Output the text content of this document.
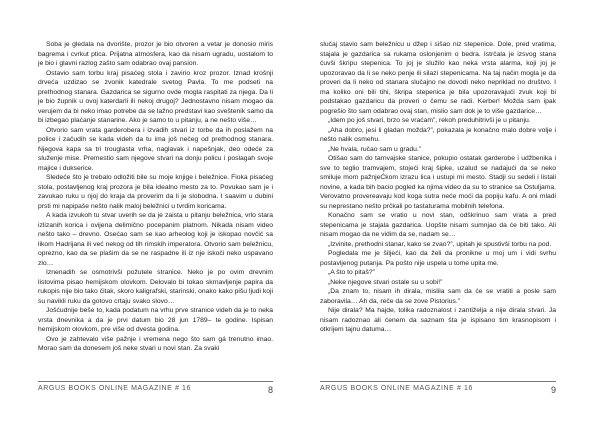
Soba je gledala na dvorište, prozor je bio otvoren a vetar je donosio miris bagrema i cvrkut ptica. Prijatna atmosfera, kao da nisam ugradu, uostalom to je bio i glavni razlog zašto sam odabrao ovaj pansion.

Ostavio sam torbu kraj pisaćeg stola i zavirio kroz prozor. Iznad krošnji drveća uzdizao se zvonik katedrale svetog Pavla. To me podseti na prethodnog stanara. Gazdarica se sigurno ovde mogla raspitati za njega. Da li je bio župnik u ovoj katerdarli ili nekoj drugoj? Jednostavno nisam mogao da verujem da bi neko imao potrebe da se lažno predstavi kao sveštenik samo da bi izbegao plaćanje stanarine. Ako je samo to u pitanju, a ne nešto više…

Otvorio sam vrata garderobera i izvadih stvari iz torbe da ih poslažem na police i začudih se kada videh da tu ima još nečeg od prethodnog stanara. Njegova kapa sa tri trouglasta vrha, naglavak i napešnjak, deo odeće za služenje mise. Premestio sam njegove stvari na donju policu i poslagah svoje majice i dukserice.

Sledeće što je trebalo odložiti bile su moje knjige i beležnice. Fioka pisaćeg stola, postavljenog kraj prozora je bila idealno mesto za to. Povukao sam je i zavukao ruku u njoj do kraja da proverim da li je slobodna. I saavim u dubini prsti mi napipaše nešto nalik maloj beležnici u tvrdim koricama.

A kada izvukoh tu stvar uverih se da je zaista u pitanju beležnica, vrlo stara izlizanih korica i ovijena delimično pocepanim platnom. Nikada nisam video nešto tako – drevno. Osećao sam se kao arheolog koji je iskopao novčić sa likom Hadrijana ili već nekog od tih rimskih imperatora. Otvorio sam beležnicu, oprezno, kao da se plašim da se ne raspadne ili iz nje iskoči neko uspavano zlo…

Iznenadih se osmotrivši požutele stranice. Neko je po ovim drevnim listovima pisao hemijskom olovkom. Delovalo bi tokao skrnavljenje papira da rukopis nije bio tako čitak, skoro kaligrafski, starinski, onako kako pišu ljudi koji su navikli ruku da gotovo crtaju svako slovo…

Jošćudnije beše to, kada podatum na vrhu prve stranice videh da je to neka vrsta dnevnika a da je prvi datum bio 28 jun 1789– te godine. Ispisan hemijskom olovkom, pre više od dvesta godina.

Ovo je zahtevalo više pažnje i vremena nego što sam gá trenutno imao. Morao sam da donesem još neke stvari u novi stan. Za svaki

ARGUS BOOKS ONLINE MAGAZINE # 16	8

slučaj stavio sam beležnicu u džep i sišao niz stepenice. Dole, pred vratima, stajala je gazdarica sa rukama oslonjenim o bedra. Istrčala je izsvog stana čuvši škripu stepenica. To joj je služilo kao neka vrsta alarma, koji joj je upozoravao da li se neko penje ili silazi stepenicama. Na taj način mogla je da proveri da li neko od stanara slučajno ne dovodi neko nepriklad no društvo. I ma koliko oni bili tihi, škripa stepenica je bila upozoravajući zvuk koji bi podstakao gazdaricu da proveri o čemu se radi. Kerber! Možda sam ipak pogrešio što sam odabrao ovaj stan, mislio sam dok je to više gazdarice…

„Idem po još stvari, brzo se vraćam”, rekoh preduhitrivši je u pitanju.

„Aha dobro, jesi li gladan možda?”, pokazala je konačno malo dobre volje i nešto nalik osmehu.

„Ne hvala, ručao sam u gradu.”

Otišao sam do tarnvajske stanice, pokupio ostatak garderobe i udžbenika i sve to teglio tramvajem, stojeći kraj šipke, uzalud se nadajući da se neko smiluje mom pažnjeĆkom izrazu lica i ustupi mi mesto. Stadji su sedeli i listali novine, a kada bih bacio pogled ka njima video da su to stranice sa Ostuljama. Verovatno provereavaju kod koga sutra neće moći da popiju kafu. A oni mladi su neprestano nešto prčkali po tastaturama mobilnih telefona.

Konačno sam se vratio u novi stan, odškrinuo sam vrata a pred stepenicama je stajala gazdarica. Uopšte nisam sumnjao da će biti tako. Ali nisam mogao da ne vidim da se, nadam se…

„Izvinite, prethodni stanar, kako se zvao?”, upitah je spustivši torbu na pod.

Pogledala me je šiljeći, kao da želi da pronikne u moj um i vidi svrhu postavljenog putanja. Pa pošto nije uspela u tome upita me.

„A što to pitaš?”

„Neke njegove stvari ostale su u sobi!”

„Da znam to, nisam ih dirala, mislila sam da će se vratiti a posle sam zaboravila… Ah da, reče da se zove Pistorius.”

Nije dirala? Ma hajde, tolika radoznalost i zantiželja a nije dirala stvari. Ja nisam radoznao ali ćenem da saznam šta je ispisano tim krasnopisom i otkrijem tajnu datuma…

ARGUS BOOKS ONLINE MAGAZINE # 16	9
